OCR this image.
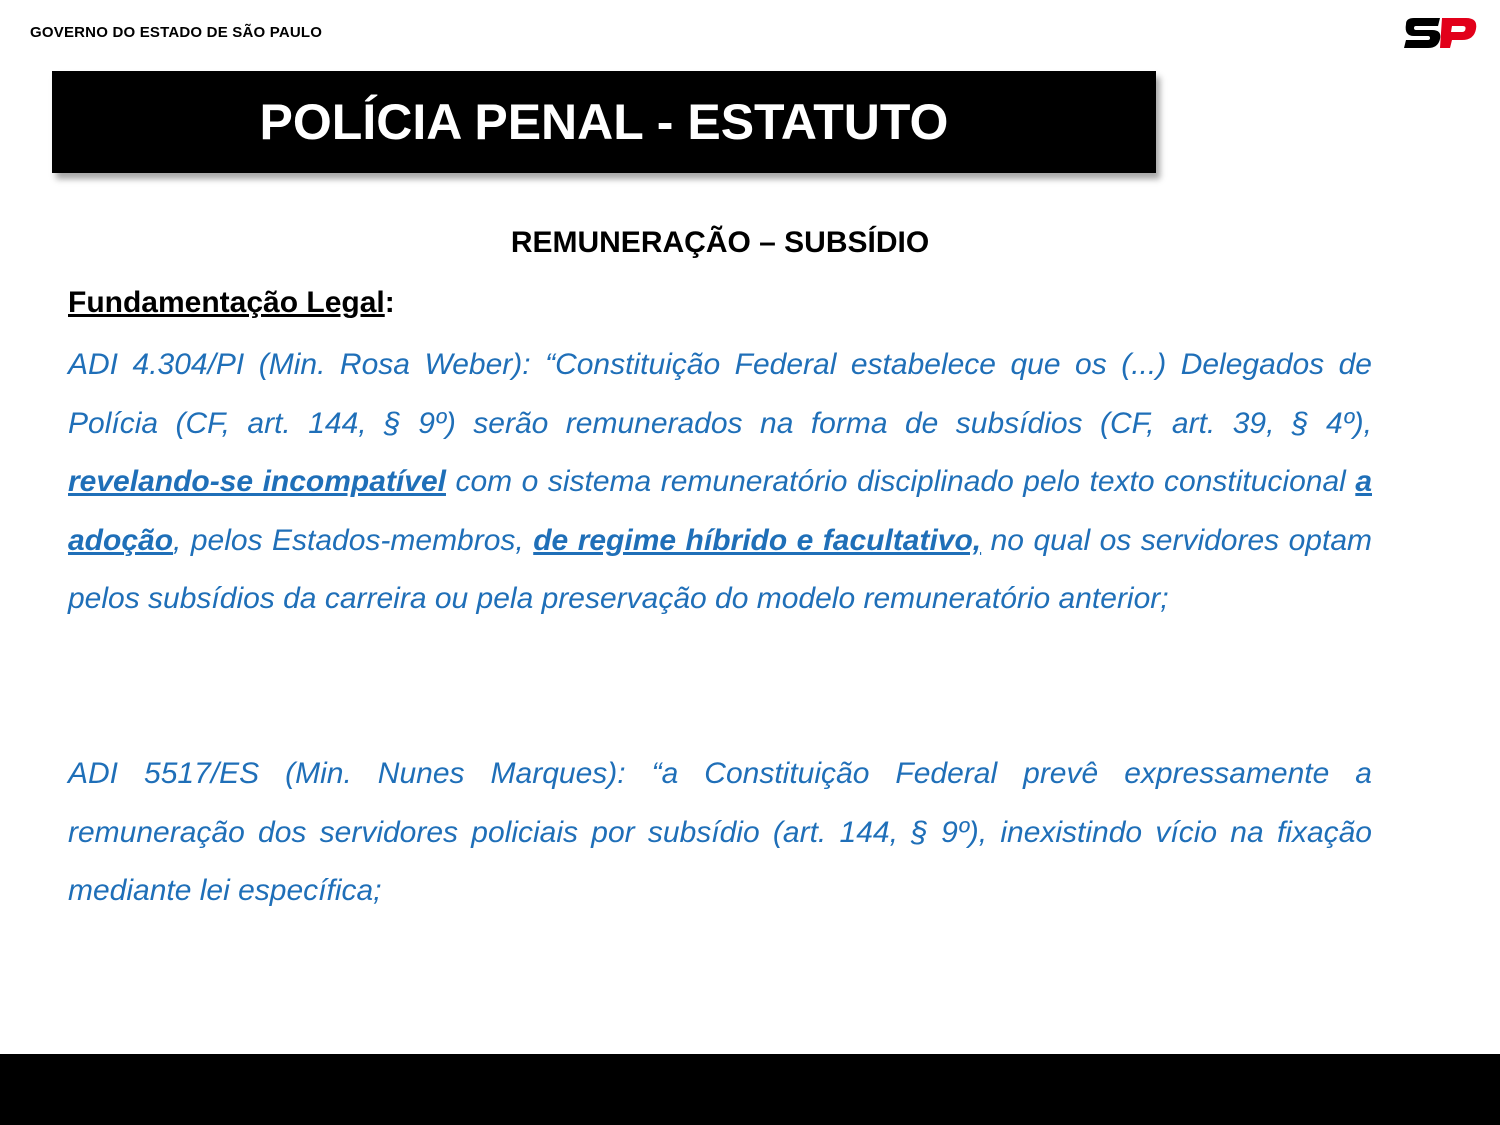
GOVERNO DO ESTADO DE SÃO PAULO
POLÍCIA PENAL - ESTATUTO
REMUNERAÇÃO – SUBSÍDIO
Fundamentação Legal:
ADI 4.304/PI (Min. Rosa Weber): “Constituição Federal estabelece que os (...) Delegados de Polícia (CF, art. 144, § 9º) serão remunerados na forma de subsídios (CF, art. 39, § 4º), revelando-se incompatível com o sistema remuneratório disciplinado pelo texto constitucional a adoção, pelos Estados-membros, de regime híbrido e facultativo, no qual os servidores optam pelos subsídios da carreira ou pela preservação do modelo remuneratório anterior;
ADI 5517/ES (Min. Nunes Marques): “a Constituição Federal prevê expressamente a remuneração dos servidores policiais por subsídio (art. 144, § 9º), inexistindo vício na fixação mediante lei específica;
